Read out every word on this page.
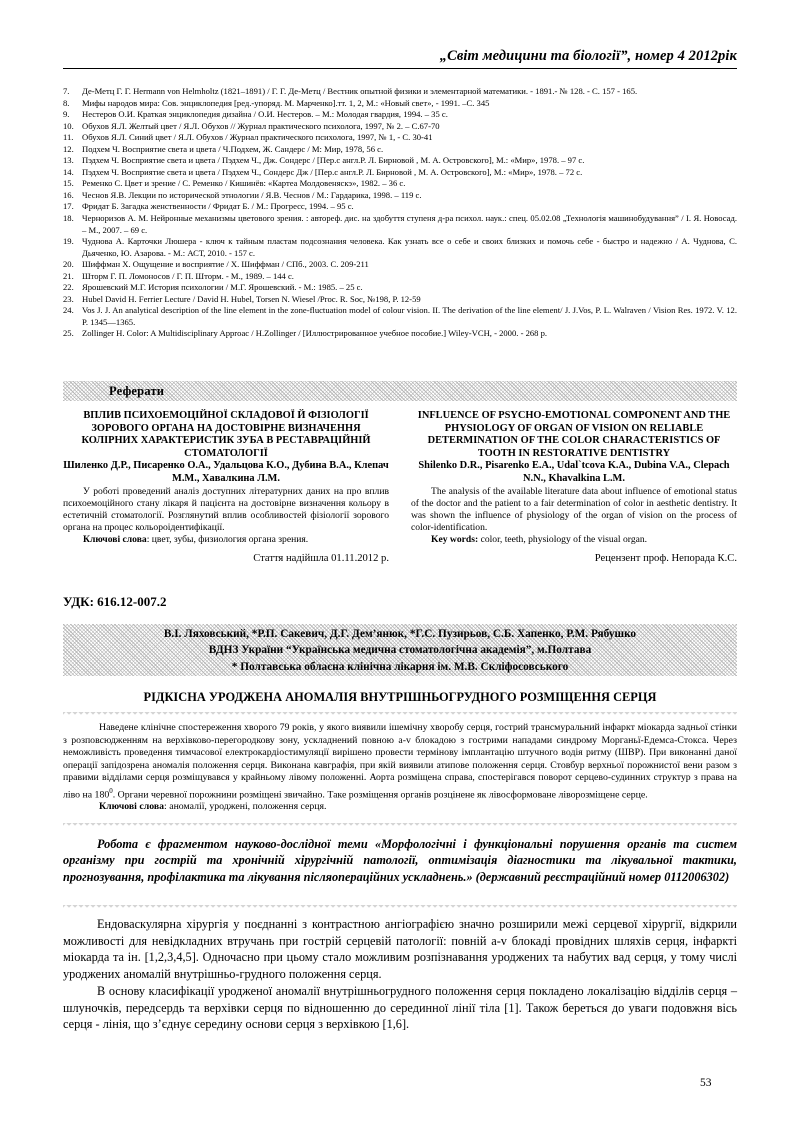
„Світ медицини та біології”, номер 4 2012рік
7.	Де-Метц Г. Г. Hermann von Helmholtz (1821–1891) / Г. Г. Де-Метц / Вестник опытной физики и элементарной математики. - 1891.- № 128. - С. 157 - 165.
8.	Мифы народов мира: Сов. энциклопедия [ред.-упоряд. М. Марченко].тт. 1, 2, М.: «Новый свет», - 1991. –С. 345
9.	Нестеров О.И. Краткая энциклопедия дизайна / О.И. Нестеров. – М.: Молодая гвардия, 1994. – 35 с.
10. Обухов Я.Л. Желтый цвет / Я.Л. Обухов // Журнал практического психолога, 1997, № 2. – С.67-70
11. Обухов Я.Л. Синий цвет / Я.Л. Обухов / Журнал практического психолога, 1997, № 1, - С. 30-41
12. Подхем Ч. Восприятие света и цвета / Ч.Подхем, Ж. Сандерс / М: Мир, 1978, 56 с.
13. Пэдхем Ч. Восприятие света и цвета / Пэдхем Ч., Дж. Сондерс / [Пер.с англ.Р. Л. Бирновой , М. А. Островского], М.: «Мир», 1978. – 97 с.
14. Пэдхем Ч. Восприятие света и цвета / Пэдхем Ч., Сондерс Дж / [Пер.с англ.Р. Л. Бирновой , М. А. Островского], М.: «Мир», 1978. – 72 с.
15. Ременко С. Цвет и зрение / С. Ременко / Кишинёв: «Картеа Молдовеняскэ», 1982. – 36 с.
16. Чеснов Я.В. Лекции по исторической этнологии / Я.В. Чеснов / М.: Гардарика, 1998. – 119 с.
17. Фридат Б. Загадка женственности / Фридат Б. / М.: Прогресс, 1994. – 95 с.
18. Черноризов А. М. Нейронные механизмы цветового зрения. : автореф. дис. на здобуття ступеня д-ра психол. наук.: спец. 05.02.08 „Технологія машинобудування” / І. Я. Новосад. – М., 2007. – 69 с.
19. Чуднова А. Карточки Люшера - ключ к тайным пластам подсознания человека. Как узнать все о себе и своих близких и помочь себе - быстро и надежно / А. Чуднова, С. Дьяченко, Ю. Азарова. - М.: АСТ, 2010. - 157 с.
20. Шиффман Х. Ощущение и восприятие / Х. Шиффман / СПб., 2003. С. 209-211
21. Шторм Г. П. Ломоносов / Г. П. Шторм. - М., 1989. – 144 с.
22. Ярошевский М.Г. История психологии / М.Г. Ярошевский. - М.: 1985. – 25 с.
23. Hubel David H. Ferrier Lecture / David H. Hubel, Torsen N. Wiesel /Proc. R. Soc, №198, P. 12-59
24. Vos J. J. An analytical description of the line element in the zone-fluctuation model of colour vision. II. The derivation of the line element/ J. J.Vos, P. L. Walraven / Vision Res. 1972. V. 12. P. 1345—1365.
25. Zollinger H. Color: A Multidisciplinary Approac / H.Zollinger / [Иллюстрированное учебное пособие.] Wiley-VCH, - 2000. - 268 p.
Реферати

ВПЛИВ ПСИХОЕМОЦІЙНОЇ СКЛАДОВОЇ Й ФІЗІОЛОГІЇ ЗОРОВОГО ОРГАНА НА ДОСТОВІРНЕ ВИЗНАЧЕННЯ КОЛІРНИХ ХАРАКТЕРИСТИК ЗУБА В РЕСТАВРАЦІЙНІЙ СТОМАТОЛОГІЇ

Шиленко Д.Р., Писаренко О.А., Удальцова К.О., Дубина В.А., Клепач М.М., Хавалкина Л.М.

У роботі проведений аналіз доступних літературних даних на про вплив психоемоційного стану лікаря й пацієнта на достовірне визначення кольору в естетичній стоматології. Розглянутий вплив особливостей фізіології зорового органа на процес кольороідентифікації.

Ключові слова: цвет, зубы, физиология органа зрения.

Стаття надійшла 01.11.2012 р.

INFLUENCE OF PSYCHO-EMOTIONAL COMPONENT AND THE PHYSIOLOGY OF ORGAN OF VISION ON RELIABLE DETERMINATION OF THE COLOR CHARACTERISTICS OF TOOTH IN RESTORATIVE DENTISTRY

Shilenko D.R., Pisarenko E.A., Udal`tcova K.A., Dubina V.A., Clepach N.N., Khavalkina L.M.

The analysis of the available literature data about influence of emotional status of the doctor and the patient to a fair determination of color in aesthetic dentistry. It was shown the influence of physiology of the organ of vision on the process of color-identification.

Key words: color, teeth, physiology of the visual organ.

Рецензент проф. Непорада К.С.

УДК: 616.12-007.2
В.І. Ляховський, *Р.П. Сакевич, Д.Г. Дем’янюк, *Г.С. Пузирьов, С.Б. Хапенко, Р.М. Рябушко
ВДНЗ України “Українська медична стоматологічна академія”, м.Полтава
* Полтавська обласна клінічна лікарня ім. М.В. Скліфосовського
РІДКІСНА УРОДЖЕНА АНОМАЛІЯ ВНУТРІШНЬОГРУДНОГО РОЗМІЩЕННЯ СЕРЦЯ

Наведене клінічне спостереження хворого 79 років, у якого виявили ішемічну хворобу серця, гострий трансмуральний інфаркт міокарда задньої стінки з розповсюдженням на верхівково-перегородкову зону, ускладнений повною a-v блокадою з гострими нападами синдрому Морганьї-Едемса-Стокса. Через неможливість проведення тимчасової електрокардіостимуляції вирішено провести термінову імплантацію штучного водія ритму (ШВР). При виконанні даної операції запідозрена аномалія положення серця. Виконана кавграфія, при якій виявили атипове положення серця. Стовбур верхньої порожнистої вени разом з правими відділами серця розміщувався у крайньому лівому положенні. Аорта розміщена справа, спостерігався поворот серцево-судинних структур з права на ліво на $180^0$. Органи черевної порожнини розміщені звичайно. Таке розміщення органів розцінене як лівосформоване ліворозміщене серце.

Ключові слова: аномалії, уроджені, положення серця.

Робота є фрагментом науково-дослідної теми «Морфологічні і функціональні порушення органів та систем організму при гострій та хронічній хірургічній патології, оптимізація діагностики та лікувальної тактики, прогнозування, профілактика та лікування післяопераційних ускладнень.» (державний реєстраційний номер 0112006302)

Ендоваскулярна хірургія у поєднанні з контрастною ангіографією значно розширили межі серцевої хірургії, відкрили можливості для невідкладних втручань при гострій серцевій патології: повній a-v блокаді провідних шляхів серця, інфаркті міокарда та ін. [1,2,3,4,5]. Одночасно при цьому стало можливим розпізнавання уроджених та набутих вад серця, у тому числі уроджених аномалій внутрішньо-грудного положення серця.

В основу класифікації уродженої аномалії внутрішньогрудного положення серця покладено локалізацію відділів серця – шлуночків, передсердь та верхівки серця по відношенню до серединної лінії тіла [1]. Також береться до уваги подовжня вісь серця - лінія, що з’єднує середину основи серця з верхівкою [1,6].

53
